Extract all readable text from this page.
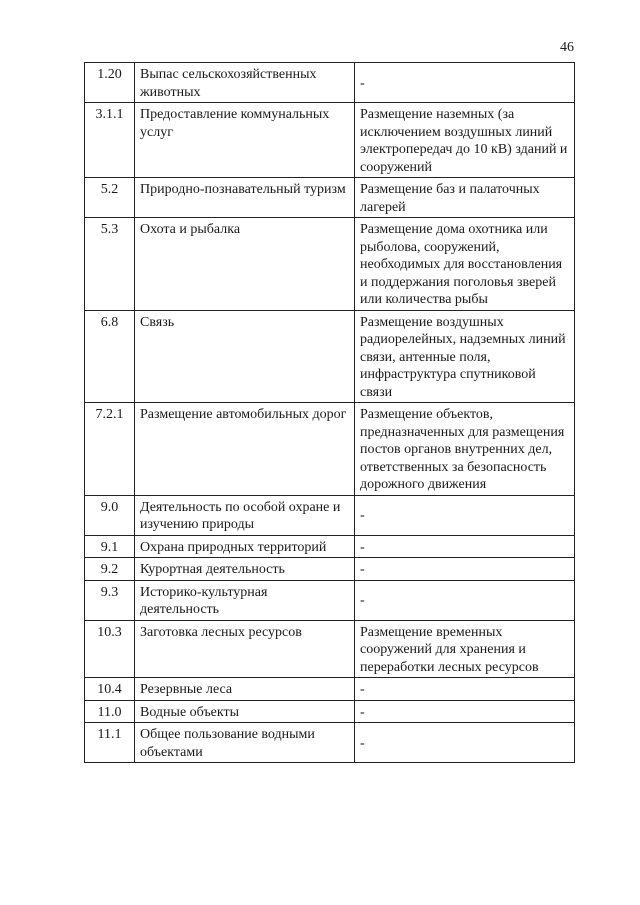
46
1.20	Выпас сельскохозяйственных животных	-
3.1.1	Предоставление коммунальных услуг	Размещение наземных (за исключением воздушных линий электропередач до 10 кВ) зданий и сооружений
5.2	Природно-познавательный туризм	Размещение баз и палаточных лагерей
5.3	Охота и рыбалка	Размещение дома охотника или рыболова, сооружений, необходимых для восстановления и поддержания поголовья зверей или количества рыбы
6.8	Связь	Размещение воздушных радиорелейных, надземных линий связи, антенные поля, инфраструктура спутниковой связи
7.2.1	Размещение автомобильных дорог	Размещение объектов, предназначенных для размещения постов органов внутренних дел, ответственных за безопасность дорожного движения
9.0	Деятельность по особой охране и изучению природы	-
9.1	Охрана природных территорий	-
9.2	Курортная деятельность	-
9.3	Историко-культурная деятельность	-
10.3	Заготовка лесных ресурсов	Размещение временных сооружений для хранения и переработки лесных ресурсов
10.4	Резервные леса	-
11.0	Водные объекты	-
11.1	Общее пользование водными объектами	-
